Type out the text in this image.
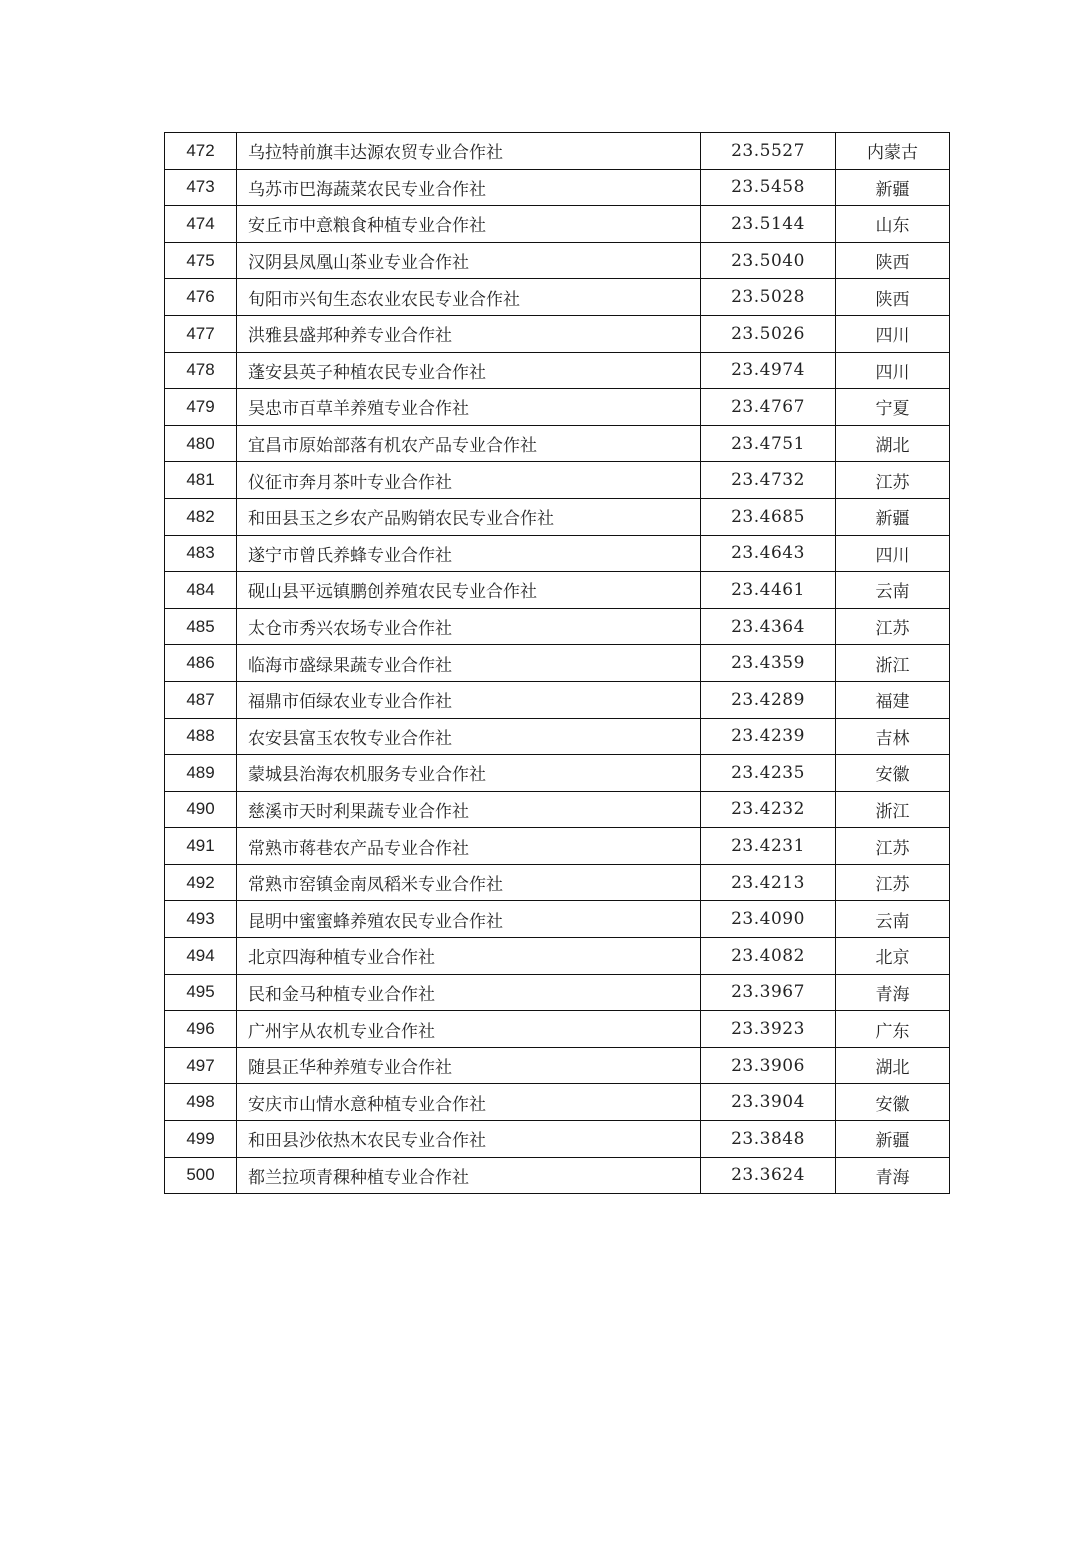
472	乌拉特前旗丰达源农贸专业合作社	23.5527	内蒙古
473	乌苏市巴海蔬菜农民专业合作社	23.5458	新疆
474	安丘市中意粮食种植专业合作社	23.5144	山东
475	汉阴县凤凰山茶业专业合作社	23.5040	陕西
476	旬阳市兴旬生态农业农民专业合作社	23.5028	陕西
477	洪雅县盛邦种养专业合作社	23.5026	四川
478	蓬安县英子种植农民专业合作社	23.4974	四川
479	吴忠市百草羊养殖专业合作社	23.4767	宁夏
480	宜昌市原始部落有机农产品专业合作社	23.4751	湖北
481	仪征市奔月茶叶专业合作社	23.4732	江苏
482	和田县玉之乡农产品购销农民专业合作社	23.4685	新疆
483	遂宁市曾氏养蜂专业合作社	23.4643	四川
484	砚山县平远镇鹏创养殖农民专业合作社	23.4461	云南
485	太仓市秀兴农场专业合作社	23.4364	江苏
486	临海市盛绿果蔬专业合作社	23.4359	浙江
487	福鼎市佰绿农业专业合作社	23.4289	福建
488	农安县富玉农牧专业合作社	23.4239	吉林
489	蒙城县治海农机服务专业合作社	23.4235	安徽
490	慈溪市天时利果蔬专业合作社	23.4232	浙江
491	常熟市蒋巷农产品专业合作社	23.4231	江苏
492	常熟市窑镇金南凤稻米专业合作社	23.4213	江苏
493	昆明中蜜蜜蜂养殖农民专业合作社	23.4090	云南
494	北京四海种植专业合作社	23.4082	北京
495	民和金马种植专业合作社	23.3967	青海
496	广州宇从农机专业合作社	23.3923	广东
497	随县正华种养殖专业合作社	23.3906	湖北
498	安庆市山情水意种植专业合作社	23.3904	安徽
499	和田县沙依热木农民专业合作社	23.3848	新疆
500	都兰拉项青稞种植专业合作社	23.3624	青海
